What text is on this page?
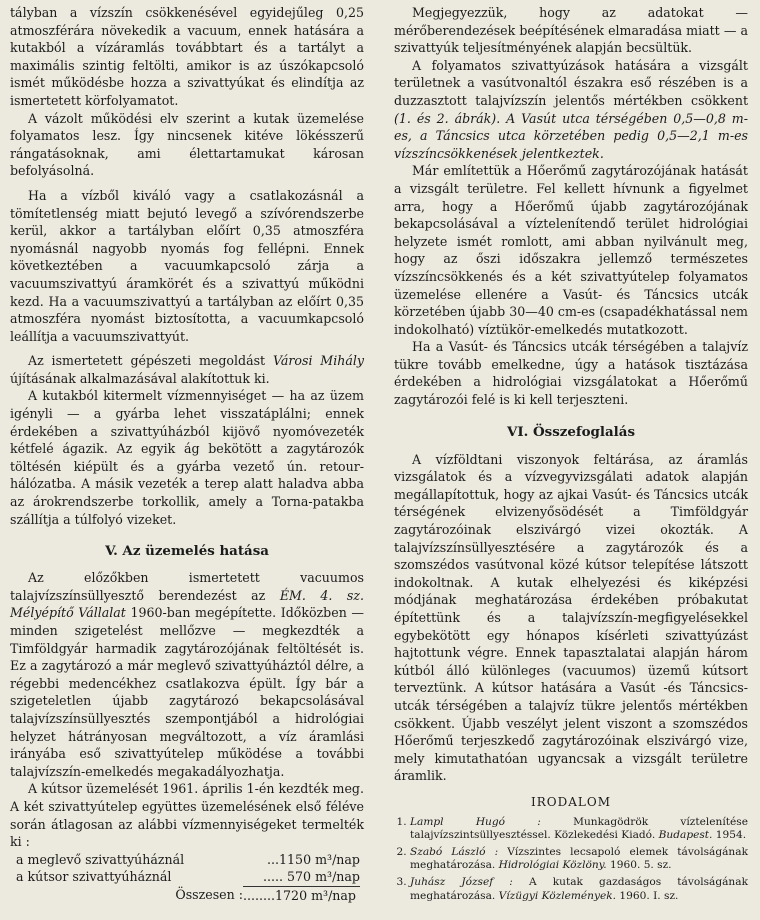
tályban a vízszín csökkenésével egyidejűleg 0,25 atmoszférára növekedik a vacuum, ennek hatására a kutakból a vízáramlás továbbtart és a tartályt a maximális szintig feltölti, amikor is az úszókapcsoló ismét működésbe hozza a szivattyúkat és elindítja az ismertetett körfolyamatot.

A vázolt működési elv szerint a kutak üzemelése folyamatos lesz. Így nincsenek kitéve lökésszerű rángatásoknak, ami élettartamukat károsan befolyásolná.

Ha a vízből kiváló vagy a csatlakozásnál a tömítetlenség miatt bejutó levegő a szívórendszerbe kerül, akkor a tartályban előírt 0,35 atmoszféra nyomásnál nagyobb nyomás fog fellépni. Ennek következtében a vacuumkapcsoló zárja a vacuumszivattyú áramkörét és a szivattyú működni kezd. Ha a vacuumszivattyú a tartályban az előírt 0,35 atmoszféra nyomást biztosította, a vacuumkapcsoló leállítja a vacuumszivattyút.

Az ismertetett gépészeti megoldást Városi Mihály újításának alkalmazásával alakítottuk ki.

A kutakból kitermelt vízmennyiséget — ha az üzem igényli — a gyárba lehet visszatáplálni; ennek érdekében a szivattyúházból kijövő nyomóvezeték kétfelé ágazik. Az egyik ág bekötött a zagytározók töltésén kiépült és a gyárba vezető ún. retour-hálózatba. A másik vezeték a terep alatt haladva abba az árokrendszerbe torkollik, amely a Torna-patakba szállítja a túlfolyó vizeket.

V. Az üzemelés hatása

Az előzőkben ismertetett vacuumos talajvízszínsüllyesztő berendezést az ÉM. 4. sz. Mélyépítő Vállalat 1960-ban megépítette. Időközben — minden szigetelést mellőzve — megkezdték a Timföldgyár harmadik zagytározójának feltöltését is. Ez a zagytározó a már meglevő szivattyúháztól délre, a régebbi medencékhez csatlakozva épült. Így bár a szigeteletlen újabb zagytározó bekapcsolásával talajvízszínsüllyesztés szempontjából a hidrológiai helyzet hátrányosan megváltozott, a víz áramlási irányába eső szivattyútelep működése a további talajvízszín-emelkedés megakadályozhatja.

A kútsor üzemelését 1961. április 1-én kezdték meg. A két szivattyútelep együttes üzemelésének első féléve során átlagosan az alábbi vízmennyiségeket termelték ki :

a meglevő szivattyúháznál	...1150 m³/nap
a kútsor szivattyúháznál	..... 570 m³/nap
Összesen : ........1720 m³/nap

Megjegyezzük, hogy az adatokat — mérőberendezések beépítésének elmaradása miatt — a szivattyúk teljesítményének alapján becsültük.

A folyamatos szivattyúzások hatására a vizsgált területnek a vasútvonaltól északra eső részében is a duzzasztott talajvízszín jelentős mértékben csökkent (1. és 2. ábrák). A Vasút utca térségében 0,5—0,8 m-es, a Táncsics utca körzetében pedig 0,5—2,1 m-es vízszíncsökkenések jelentkeztek.

Már említettük a Hőerőmű zagytározójának hatását a vizsgált területre. Fel kellett hívnunk a figyelmet arra, hogy a Hőerőmű újabb zagytározójának bekapcsolásával a víztelenítendő terület hidrológiai helyzete ismét romlott, ami abban nyilvánult meg, hogy az őszi időszakra jellemző természetes vízszíncsökkenés és a két szivattyútelep folyamatos üzemelése ellenére a Vasút- és Táncsics utcák körzetében újabb 30—40 cm-es (csapadékhatással nem indokolható) víztükör-emelkedés mutatkozott.

Ha a Vasút- és Táncsics utcák térségében a talajvíz tükre tovább emelkedne, úgy a hatások tisztázása érdekében a hidrológiai vizsgálatokat a Hőerőmű zagytározói felé is ki kell terjeszteni.

VI. Összefoglalás

A vízföldtani viszonyok feltárása, az áramlás vizsgálatok és a vízvegyvizsgálati adatok alapján megállapítottuk, hogy az ajkai Vasút- és Táncsics utcák térségének elvizenyősödését a Timföldgyár zagytározóinak elszivárgó vizei okozták. A talajvízszínsüllyesztésére a zagytározók és a szomszédos vasútvonal közé kútsor telepítése látszott indokoltnak. A kutak elhelyezési és kiképzési módjának meghatározása érdekében próbakutat építettünk és a talajvízszín-megfigyelésekkel egybekötött egy hónapos kísérleti szivattyúzást hajtottunk végre. Ennek tapasztalatai alapján három kútból álló különleges (vacuumos) üzemű kútsort terveztünk. A kútsor hatására a Vasút -és Táncsics-utcák térségében a talajvíz tükre jelentős mértékben csökkent. Újabb veszélyt jelent viszont a szomszédos Hőerőmű terjeszkedő zagytározóinak elszivárgó vize, mely kimutathatóan ugyancsak a vizsgált területre áramlik.

IRODALOM
1. Lampl Hugó : Munkagödrök víztelenítése talajvízszintsüllyesztéssel. Közlekedési Kiadó. Budapest. 1954.
2. Szabó László : Vízszintes lecsapoló elemek távolságának meghatározása. Hidrológiai Közlöny. 1960. 5. sz.
3. Juhász József : A kutak gazdaságos távolságának meghatározása. Vízügyi Közlemények. 1960. I. sz.
